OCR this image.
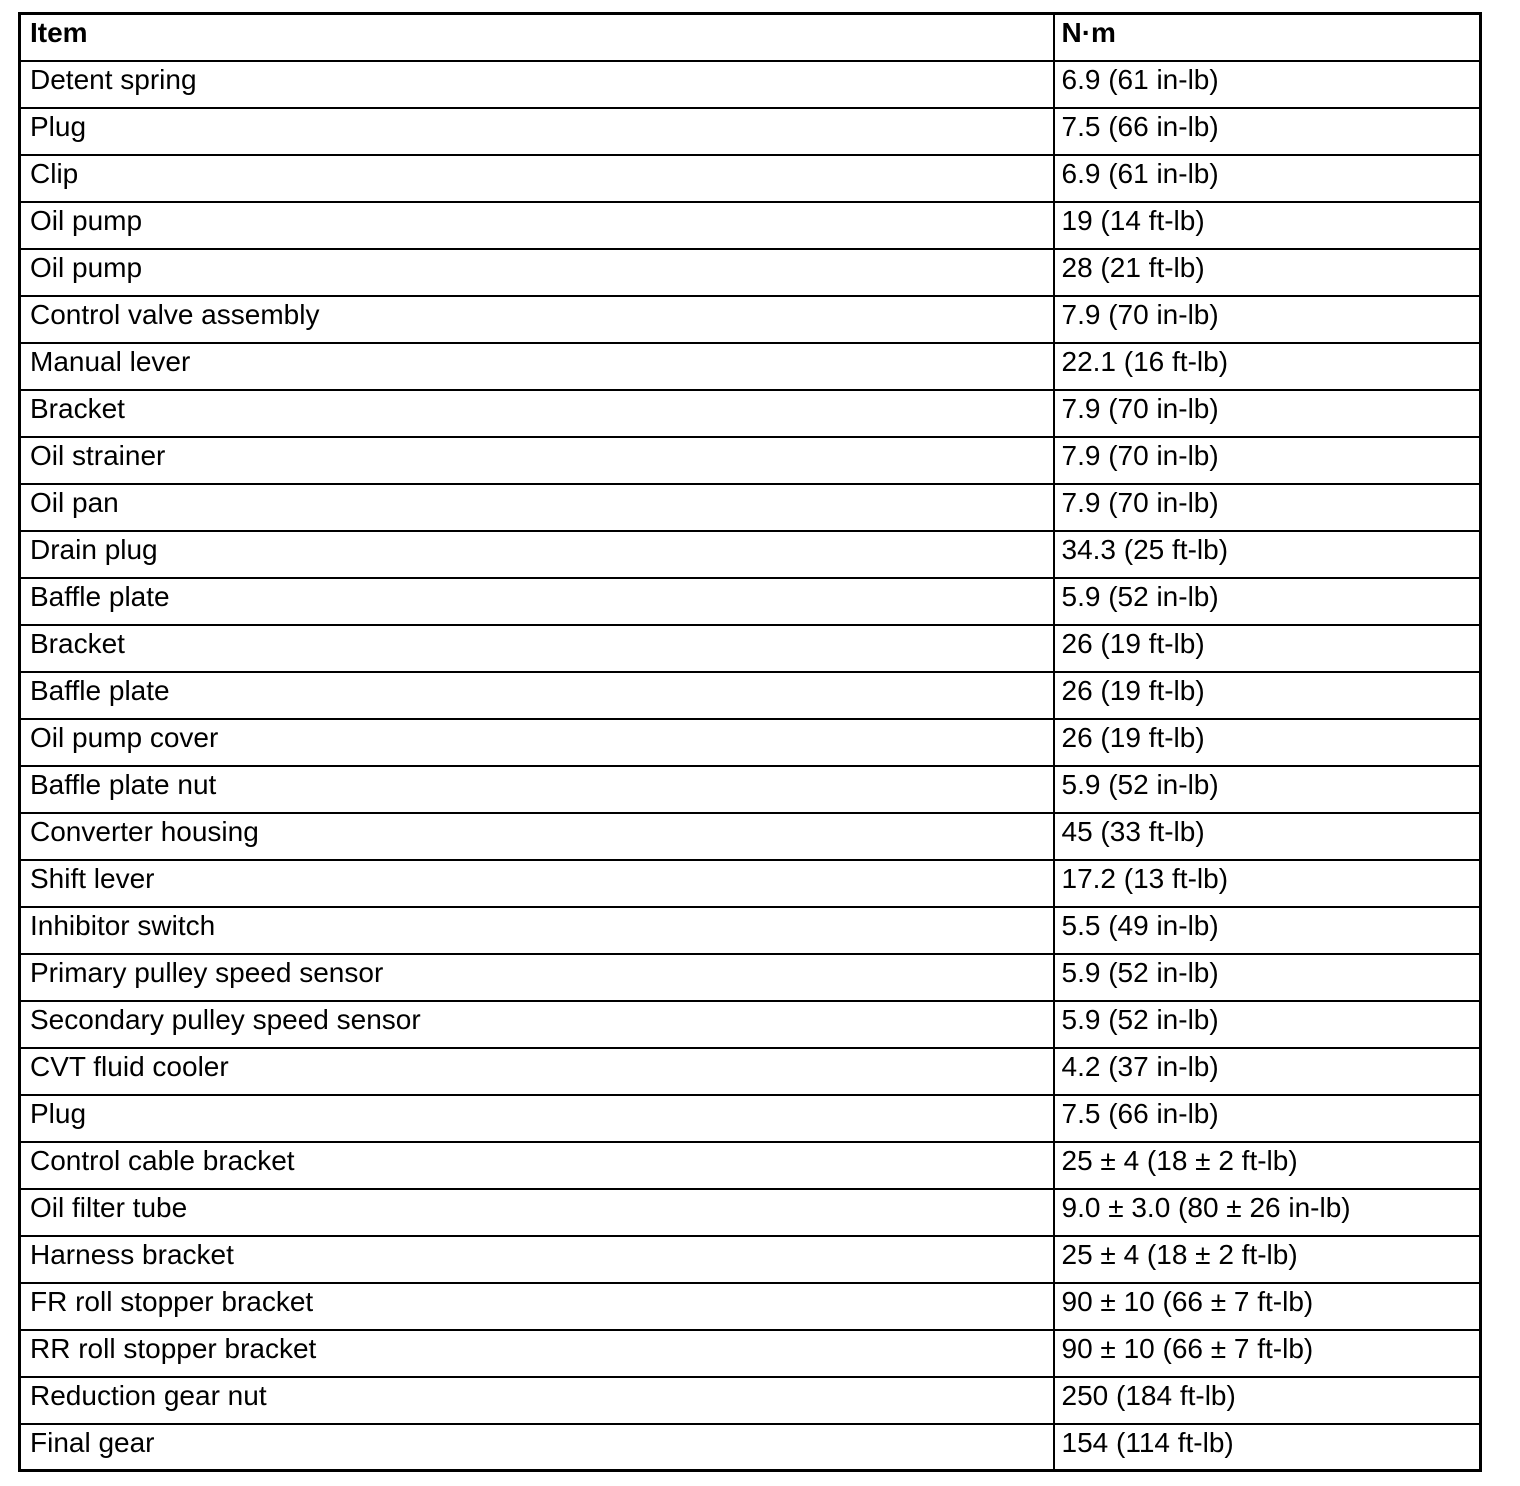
Item	N·m
Detent spring	6.9 (61 in-lb)
Plug	7.5 (66 in-lb)
Clip	6.9 (61 in-lb)
Oil pump	19 (14 ft-lb)
Oil pump	28 (21 ft-lb)
Control valve assembly	7.9 (70 in-lb)
Manual lever	22.1 (16 ft-lb)
Bracket	7.9 (70 in-lb)
Oil strainer	7.9 (70 in-lb)
Oil pan	7.9 (70 in-lb)
Drain plug	34.3 (25 ft-lb)
Baffle plate	5.9 (52 in-lb)
Bracket	26 (19 ft-lb)
Baffle plate	26 (19 ft-lb)
Oil pump cover	26 (19 ft-lb)
Baffle plate nut	5.9 (52 in-lb)
Converter housing	45 (33 ft-lb)
Shift lever	17.2 (13 ft-lb)
Inhibitor switch	5.5 (49 in-lb)
Primary pulley speed sensor	5.9 (52 in-lb)
Secondary pulley speed sensor	5.9 (52 in-lb)
CVT fluid cooler	4.2 (37 in-lb)
Plug	7.5 (66 in-lb)
Control cable bracket	25 ± 4 (18 ± 2 ft-lb)
Oil filter tube	9.0 ± 3.0 (80 ± 26 in-lb)
Harness bracket	25 ± 4 (18 ± 2 ft-lb)
FR roll stopper bracket	90 ± 10 (66 ± 7 ft-lb)
RR roll stopper bracket	90 ± 10 (66 ± 7 ft-lb)
Reduction gear nut	250 (184 ft-lb)
Final gear	154 (114 ft-lb)
